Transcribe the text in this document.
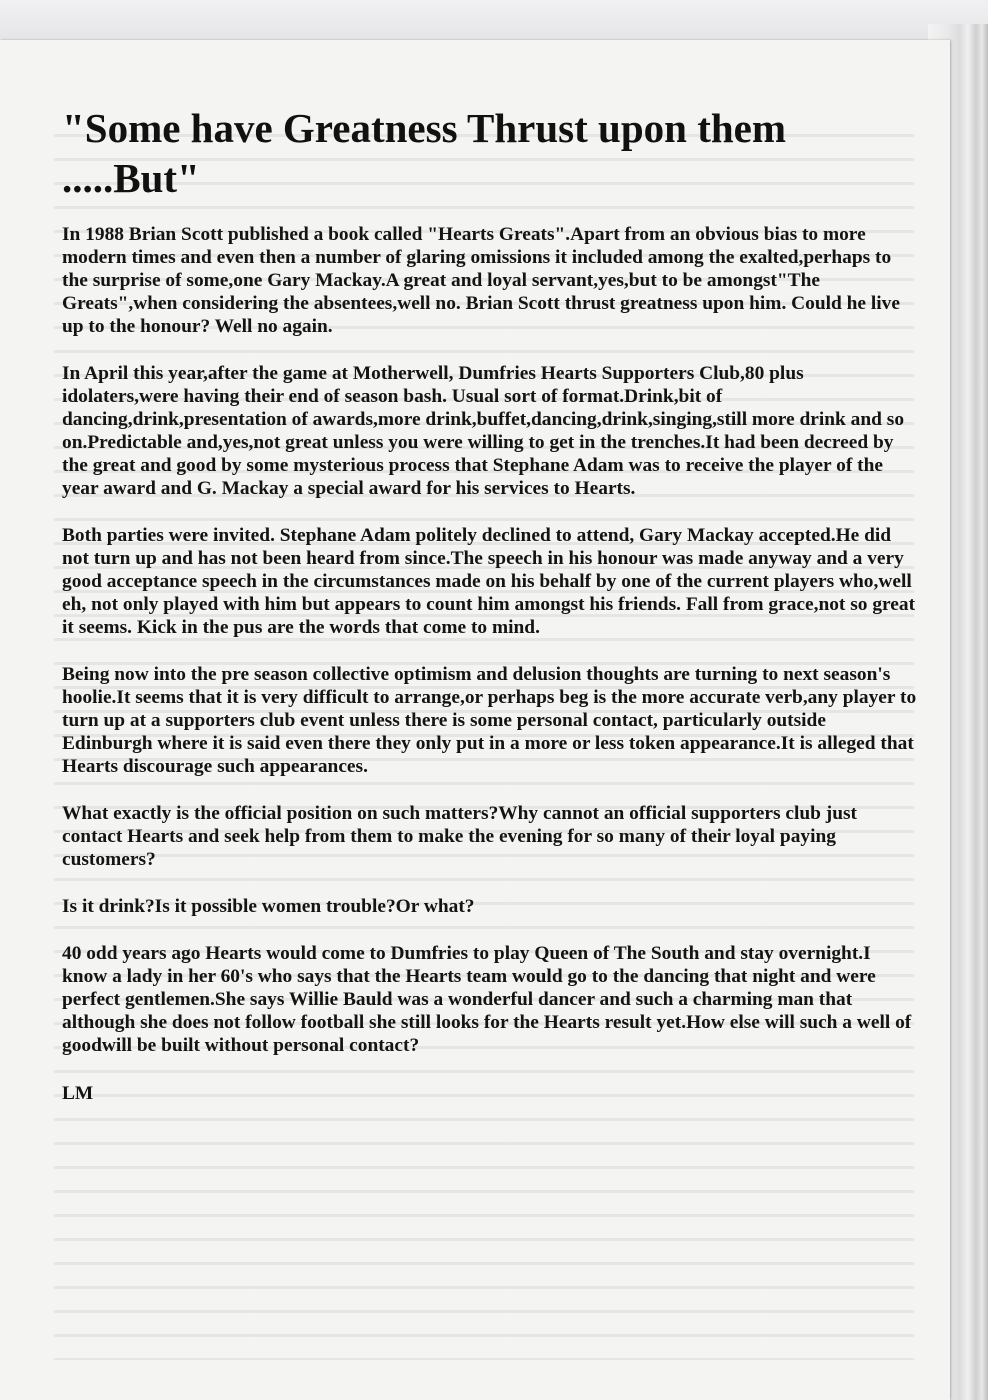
"Some have Greatness Thrust upon them .....But"

In 1988 Brian Scott published a book called "Hearts Greats".Apart from an obvious bias to more modern times and even then a number of glaring omissions it included among the exalted,perhaps to the surprise of some,one Gary Mackay.A great and loyal servant,yes,but to be amongst"The Greats",when considering the absentees,well no. Brian Scott thrust greatness upon him. Could he live up to the honour? Well no again.

In April this year,after the game at Motherwell, Dumfries Hearts Supporters Club,80 plus idolaters,were having their end of season bash. Usual sort of format.Drink,bit of dancing,drink,presentation of awards,more drink,buffet,dancing,drink,singing,still more drink and so on.Predictable and,yes,not great unless you were willing to get in the trenches.It had been decreed by the great and good by some mysterious process that Stephane Adam was to receive the player of the year award and G. Mackay a special award for his services to Hearts.

Both parties were invited. Stephane Adam politely declined to attend, Gary Mackay accepted.He did not turn up and has not been heard from since.The speech in his honour was made anyway and a very good acceptance speech in the circumstances made on his behalf by one of the current players who,well eh, not only played with him but appears to count him amongst his friends. Fall from grace,not so great it seems. Kick in the pus are the words that come to mind.

Being now into the pre season collective optimism and delusion thoughts are turning to next season's hoolie.It seems that it is very difficult to arrange,or perhaps beg is the more accurate verb,any player to turn up at a supporters club event unless there is some personal contact, particularly outside Edinburgh where it is said even there they only put in a more or less token appearance.It is alleged that Hearts discourage such appearances.

What exactly is the official position on such matters?Why cannot an official supporters club just contact Hearts and seek help from them to make the evening for so many of their loyal paying customers?

Is it drink?Is it possible women trouble?Or what?

40 odd years ago Hearts would come to Dumfries to play Queen of The South and stay overnight.I know a lady in her 60's who says that the Hearts team would go to the dancing that night and were perfect gentlemen.She says Willie Bauld was a wonderful dancer and such a charming man that although she does not follow football she still looks for the Hearts result yet.How else will such a well of goodwill be built without personal contact?

LM
